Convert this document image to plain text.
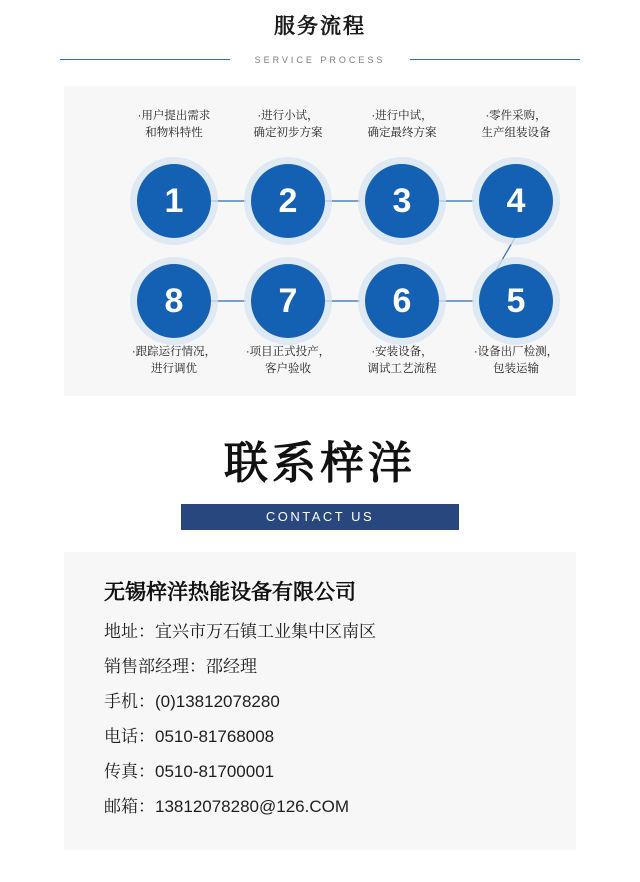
服务流程
SERVICE PROCESS
·用户提出需求
和物料特性
·进行小试，
确定初步方案
·进行中试，
确定最终方案
·零件采购，
生产组装设备
1	2	3	4
8	7	6	5
·跟踪运行情况，
进行调优
·项目正式投产，
客户验收
·安装设备，
调试工艺流程
·设备出厂检测，
包装运输
联系梓洋
CONTACT US
无锡梓洋热能设备有限公司
地址：宜兴市万石镇工业集中区南区
销售部经理：邵经理
手机：(0)13812078280
电话：0510-81768008
传真：0510-81700001
邮箱：13812078280@126.COM
